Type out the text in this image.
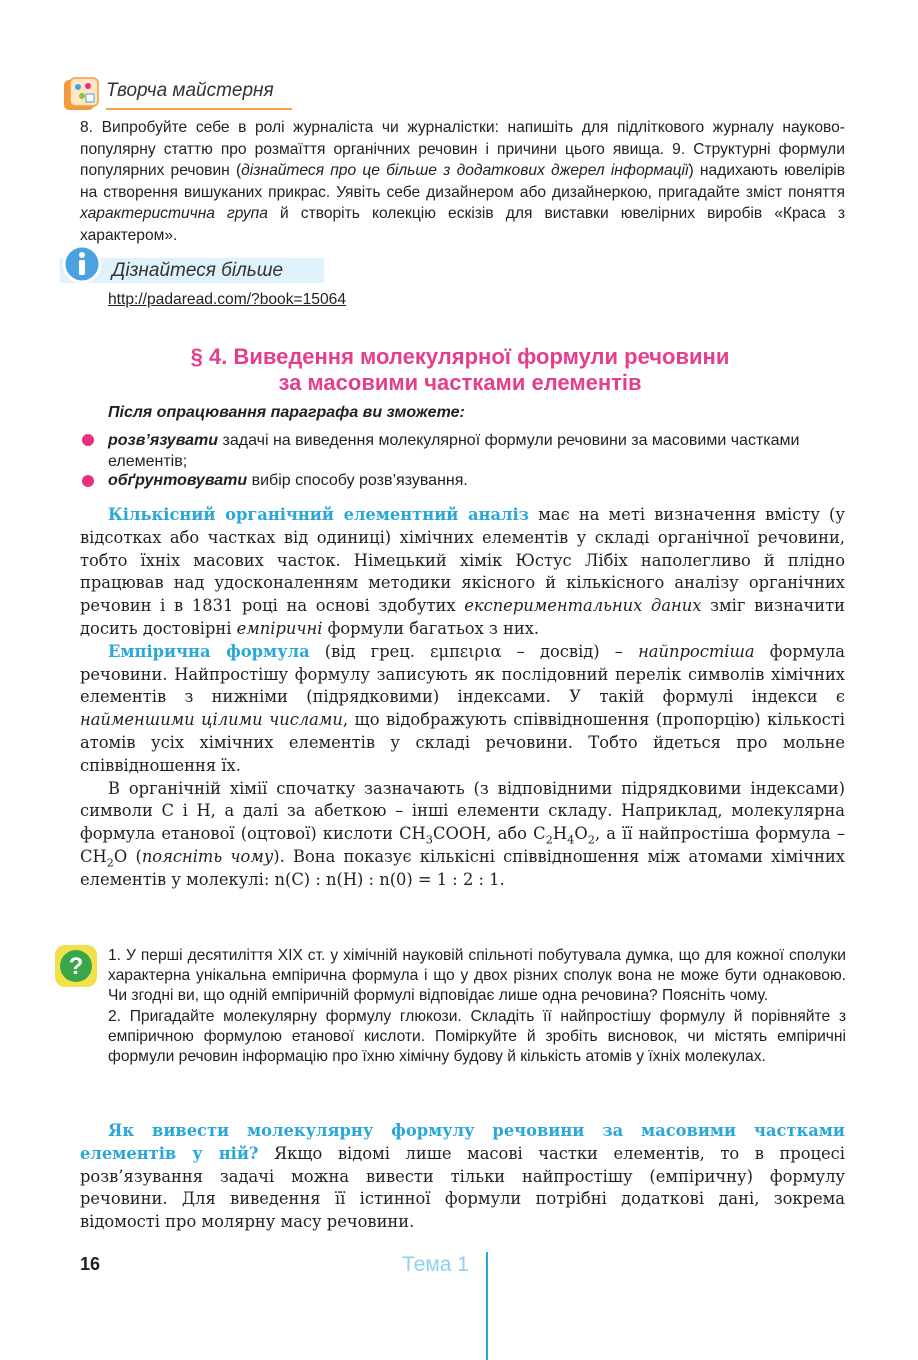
Творча майстерня
8. Випробуйте себе в ролі журналіста чи журналістки: напишіть для підліткового журналу науково-популярну статтю про розмаїття органічних речовин і причини цього явища. 9. Структурні формули популярних речовин (дізнайтеся про це більше з додаткових джерел інформації) надихають ювелірів на створення вишуканих прикрас. Уявіть себе дизайнером або дизайнеркою, пригадайте зміст поняття характеристична група й створіть колекцію ескізів для виставки ювелірних виробів «Краса з характером».
Дізнайтеся більше
http://padaread.com/?book=15064
§ 4. Виведення молекулярної формули речовини
за масовими частками елементів
Після опрацювання параграфа ви зможете:
розв’язувати задачі на виведення молекулярної формули речовини за масовими частками елементів;
обґрунтовувати вибір способу розв’язування.

Кількісний органічний елементний аналіз має на меті визначення вмісту (у відсотках або частках від одиниці) хімічних елементів у складі органічної речовини, тобто їхніх масових часток. Німецький хімік Юстус Лібіх наполегливо й плідно працював над удосконаленням методики якісного й кількісного аналізу органічних речовин і в 1831 році на основі здобутих експериментальних даних зміг визначити досить достовірні емпіричні формули багатьох з них.

Емпірична формула (від грец. εμπειρια – досвід) – найпростіша формула речовини. Найпростішу формулу записують як послідовний перелік символів хімічних елементів з нижніми (підрядковими) індексами. У такій формулі індекси є найменшими цілими числами, що відображують співвідношення (пропорцію) кількості атомів усіх хімічних елементів у складі речовини. Тобто йдеться про мольне співвідношення їх.

В органічній хімії спочатку зазначають (з відповідними підрядковими індексами) символи C і H, а далі за абеткою – інші елементи складу. Наприклад, молекулярна формула етанової (оцтової) кислоти $CH_3COOH$, або $C_2H_4O_2$, а її найпростіша формула – $CH_2O$ (поясніть чому). Вона показує кількісні співвідношення між атомами хімічних елементів у молекулі: n(C) : n(H) : n(0) = 1 : 2 : 1.

? 1. У перші десятиліття XIX ст. у хімічній науковій спільноті побутувала думка, що для кожної сполуки характерна унікальна емпірична формула і що у двох різних сполук вона не може бути однаковою. Чи згодні ви, що одній емпіричній формулі відповідає лише одна речовина? Поясніть чому.
2. Пригадайте молекулярну формулу глюкози. Складіть її найпростішу формулу й порівняйте з емпіричною формулою етанової кислоти. Поміркуйте й зробіть висновок, чи містять емпіричні формули речовин інформацію про їхню хімічну будову й кількість атомів у їхніх молекулах.

Як вивести молекулярну формулу речовини за масовими частками елементів у ній? Якщо відомі лише масові частки елементів, то в процесі розв’язування задачі можна вивести тільки найпростішу (емпіричну) формулу речовини. Для виведення її істинної формули потрібні додаткові дані, зокрема відомості про молярну масу речовини.

16	Тема 1
